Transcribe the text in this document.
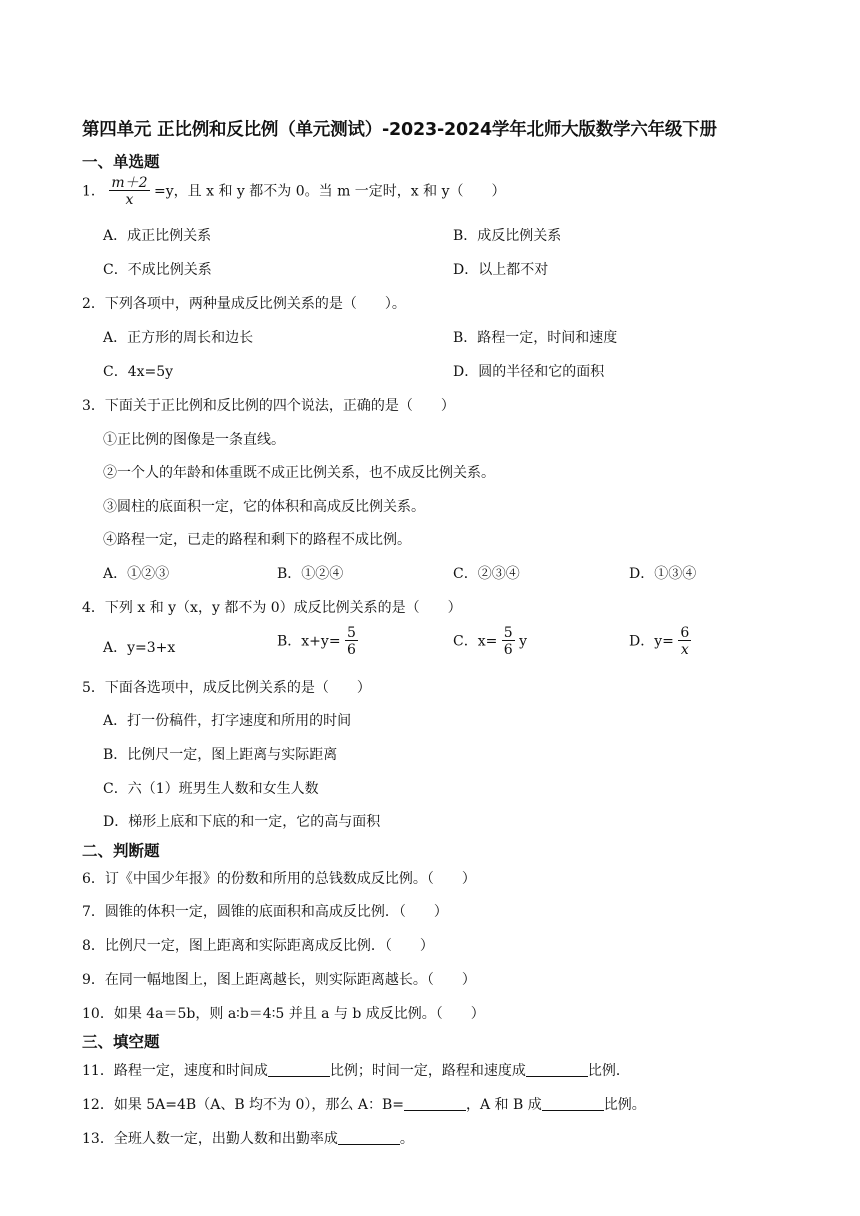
第四单元 正比例和反比例（单元测试）-2023-2024学年北师大版数学六年级下册
一、单选题
1． $\frac{m+2}{x} =y$，且 x 和 y 都不为 0。当 m 一定时，x 和 y（　　）
A．成正比例关系	B．成反比例关系
C．不成比例关系	D．以上都不对
2．下列各项中，两种量成反比例关系的是（　　）。
A．正方形的周长和边长	B．路程一定，时间和速度
C．4x=5y	D．圆的半径和它的面积
3．下面关于正比例和反比例的四个说法，正确的是（　　）
①正比例的图像是一条直线。
②一个人的年龄和体重既不成正比例关系，也不成反比例关系。
③圆柱的底面积一定，它的体积和高成反比例关系。
④路程一定，已走的路程和剩下的路程不成比例。
A．①②③	B．①②④	C．②③④	D．①③④
4．下列 x 和 y（x，y 都不为 0）成反比例关系的是（　　）
A．y=3+x	B．$x+y= \frac{5}{6}$	C．$x= \frac{5}{6}$ y	D．$y= \frac{6}{x}$
5．下面各选项中，成反比例关系的是（　　）
A．打一份稿件，打字速度和所用的时间
B．比例尺一定，图上距离与实际距离
C．六（1）班男生人数和女生人数
D．梯形上底和下底的和一定，它的高与面积
二、判断题
6．订《中国少年报》的份数和所用的总钱数成反比例。（　　）
7．圆锥的体积一定，圆锥的底面积和高成反比例．（　　）
8．比例尺一定，图上距离和实际距离成反比例．（　　）
9．在同一幅地图上，图上距离越长，则实际距离越长。（　　）
10．如果 4a＝5b，则 a∶b＝4∶5 并且 a 与 b 成反比例。（　　）
三、填空题
11．路程一定，速度和时间成	比例；时间一定，路程和速度成	比例．
12．如果 5A=4B（A、B 均不为 0），那么 A：B=	，A 和 B 成	比例。
13．全班人数一定，出勤人数和出勤率成	。
